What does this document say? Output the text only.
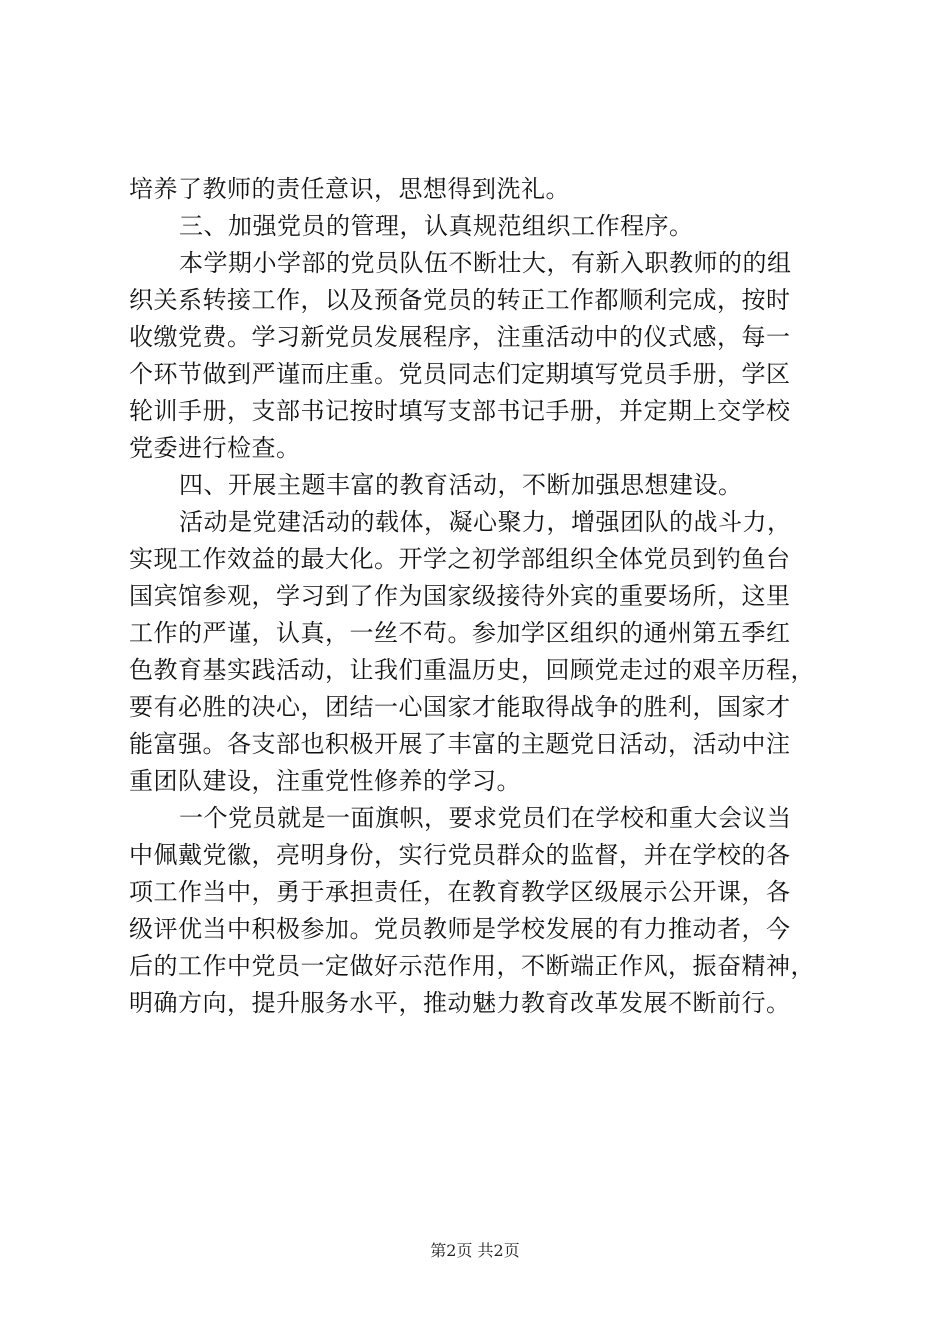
培养了教师的责任意识，思想得到洗礼。
三、加强党员的管理，认真规范组织工作程序。
本学期小学部的党员队伍不断壮大，有新入职教师的的组
织关系转接工作，以及预备党员的转正工作都顺利完成，按时
收缴党费。学习新党员发展程序，注重活动中的仪式感，每一
个环节做到严谨而庄重。党员同志们定期填写党员手册，学区
轮训手册，支部书记按时填写支部书记手册，并定期上交学校
党委进行检查。
四、开展主题丰富的教育活动，不断加强思想建设。
活动是党建活动的载体，凝心聚力，增强团队的战斗力，
实现工作效益的最大化。开学之初学部组织全体党员到钓鱼台
国宾馆参观，学习到了作为国家级接待外宾的重要场所，这里
工作的严谨，认真，一丝不苟。参加学区组织的通州第五季红
色教育基实践活动，让我们重温历史，回顾党走过的艰辛历程，
要有必胜的决心，团结一心国家才能取得战争的胜利，国家才
能富强。各支部也积极开展了丰富的主题党日活动，活动中注
重团队建设，注重党性修养的学习。
一个党员就是一面旗帜，要求党员们在学校和重大会议当
中佩戴党徽，亮明身份，实行党员群众的监督，并在学校的各
项工作当中，勇于承担责任，在教育教学区级展示公开课，各
级评优当中积极参加。党员教师是学校发展的有力推动者，今
后的工作中党员一定做好示范作用，不断端正作风，振奋精神，
明确方向，提升服务水平，推动魅力教育改革发展不断前行。
第2页 共2页
